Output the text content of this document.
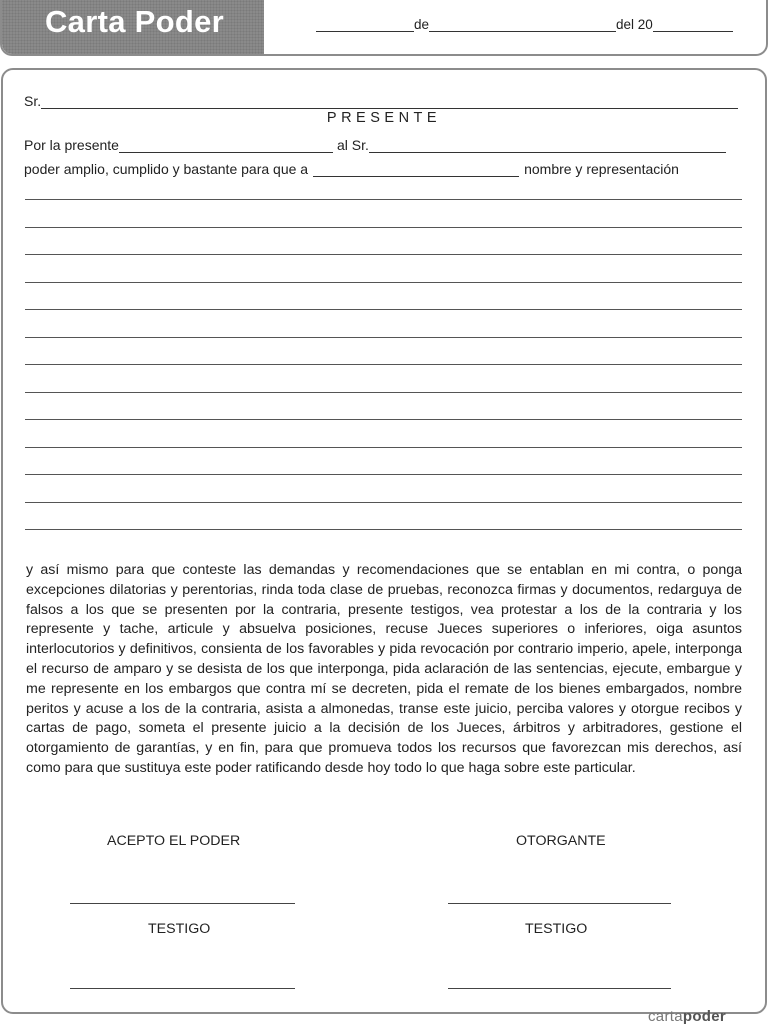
Carta Poder	de	del 20
Sr.
PRESENTE
Por la presente	al Sr.
poder amplio, cumplido y bastante para que a	nombre y representación
y así mismo para que conteste las demandas y recomendaciones que se entablan en mi contra, o ponga excepciones dilatorias y perentorias, rinda toda clase de pruebas, reconozca firmas y documentos, redarguya de falsos a los que se presenten por la contraria, presente testigos, vea protestar a los de la contraria y los represente y tache, articule y absuelva posiciones, recuse Jueces superiores o inferiores, oiga asuntos interlocutorios y definitivos, consienta de los favorables y pida revocación por contrario imperio, apele, interponga el recurso de amparo y se desista de los que interponga, pida aclaración de las sentencias, ejecute, embargue y me represente en los embargos que contra mí se decreten, pida el remate de los bienes embargados, nombre peritos y acuse a los de la contraria, asista a almonedas, transe este juicio, perciba valores y otorgue recibos y cartas de pago, someta el presente juicio a la decisión de los Jueces, árbitros y arbitradores, gestione el otorgamiento de garantías, y en fin, para que promueva todos los recursos que favorezcan mis derechos, así como para que sustituya este poder ratificando desde hoy todo lo que haga sobre este particular.
ACEPTO EL PODER	OTORGANTE
TESTIGO	TESTIGO
cartapoder
